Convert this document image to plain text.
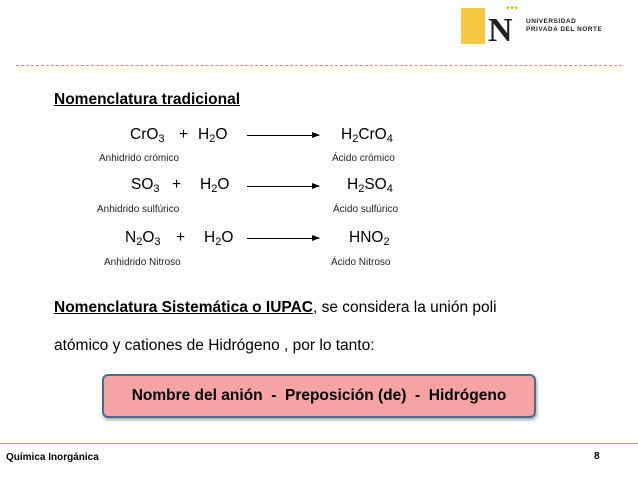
• • •
N UNIVERSIDAD
PRIVADA DEL NORTE
Nomenclatura tradicional
$CrO_3 + H_2O$	$H_2CrO_4$
Anhidrido crómico	Ácido crómico
$SO_3 + H_2O$	$H_2SO_4$
Anhidrido sulfúrico	Ácido sulfúrico
$N_2O_3 + H_2O$	$HNO_2$
Anhidrido Nitroso	Ácido Nitroso
Nomenclatura Sistemática o IUPAC, se considera la unión poli
atómico y cationes de Hidrógeno , por lo tanto:
Nombre del anión  -  Preposición (de)  -  Hidrógeno
Química Inorgánica	8
